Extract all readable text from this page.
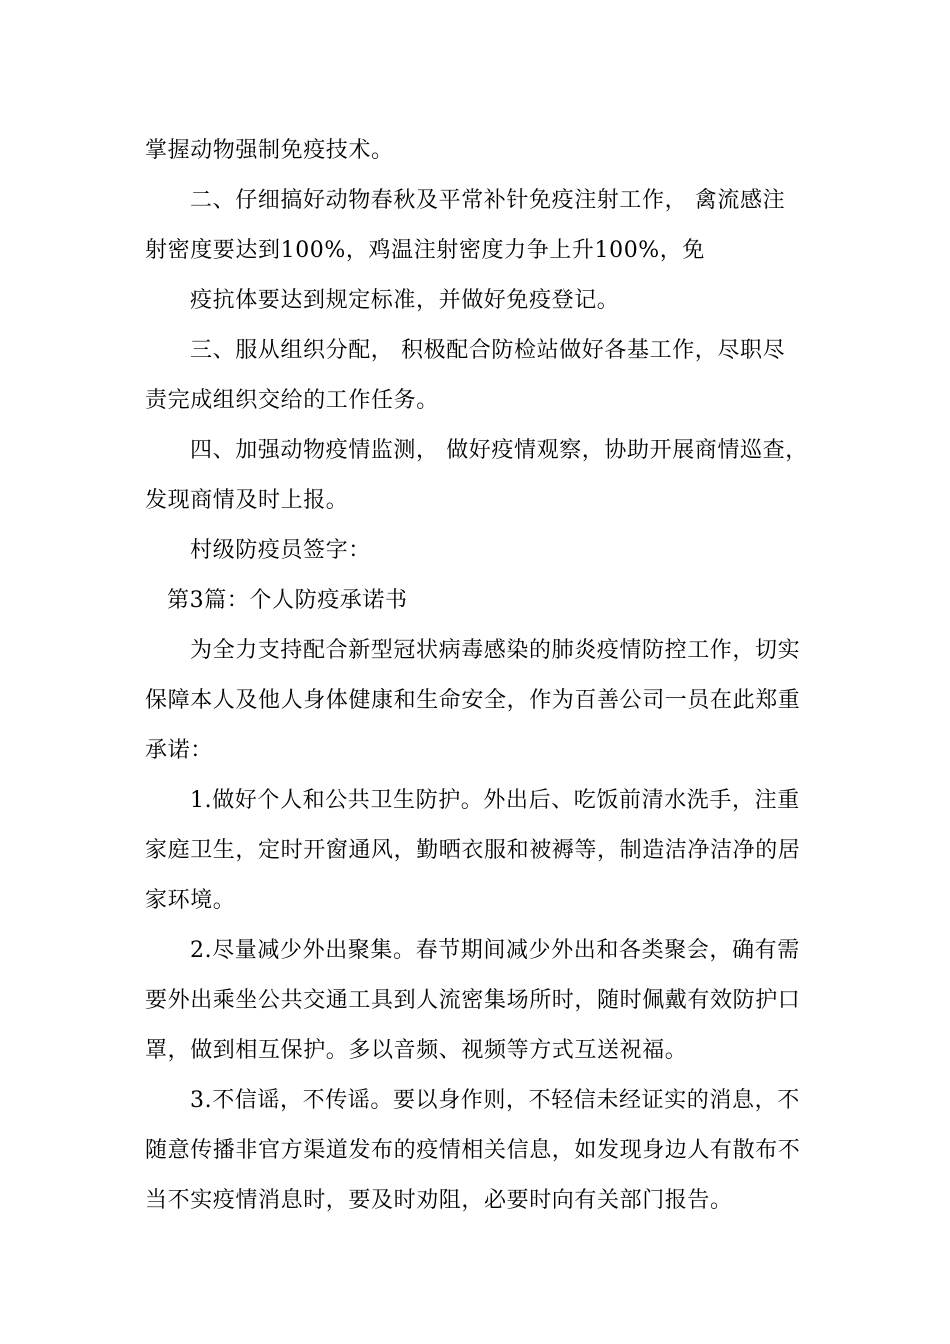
掌握动物强制免疫技术。
二、仔细搞好动物春秋及平常补针免疫注射工作， 禽流感注
射密度要达到100%，鸡温注射密度力争上升100%，免
疫抗体要达到规定标准，并做好免疫登记。
三、服从组织分配， 积极配合防检站做好各基工作，尽职尽
责完成组织交给的工作任务。
四、加强动物疫情监测， 做好疫情观察，协助开展商情巡查，
发现商情及时上报。
村级防疫员签字：
第3篇：个人防疫承诺书
为全力支持配合新型冠状病毒感染的肺炎疫情防控工作，切实
保障本人及他人身体健康和生命安全，作为百善公司一员在此郑重
承诺：
1.做好个人和公共卫生防护。外出后、吃饭前清水洗手，注重
家庭卫生，定时开窗通风，勤晒衣服和被褥等，制造洁净洁净的居
家环境。
2.尽量减少外出聚集。春节期间减少外出和各类聚会，确有需
要外出乘坐公共交通工具到人流密集场所时，随时佩戴有效防护口
罩，做到相互保护。多以音频、视频等方式互送祝福。
3.不信谣，不传谣。要以身作则，不轻信未经证实的消息，不
随意传播非官方渠道发布的疫情相关信息，如发现身边人有散布不
当不实疫情消息时，要及时劝阻，必要时向有关部门报告。
